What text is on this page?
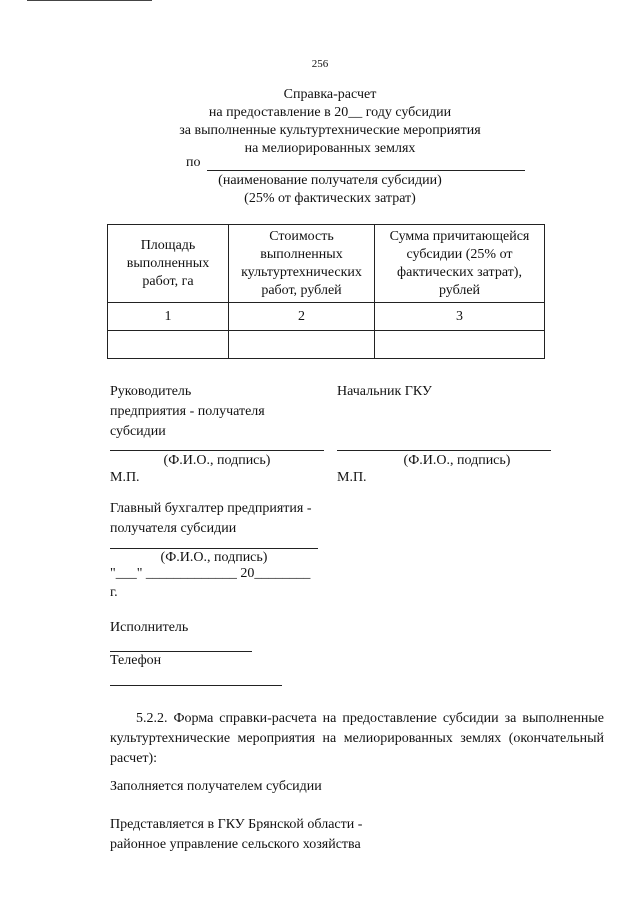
256
Справка-расчет
на предоставление в 20__ году субсидии
за выполненные культуртехнические мероприятия
на мелиорированных землях
по
(наименование получателя субсидии)
(25% от фактических затрат)
Площадь выполненных работ, га	Стоимость выполненных культуртехнических работ, рублей	Сумма причитающейся субсидии (25% от фактических затрат), рублей
1	2	3

Руководитель
предприятия - получателя
субсидии
Начальник ГКУ
(Ф.И.О., подпись)	(Ф.И.О., подпись)
М.П.	М.П.
Главный бухгалтер предприятия -
получателя субсидии
(Ф.И.О., подпись)
"___" _____________ 20________
г.
Исполнитель
Телефон
5.2.2. Форма справки-расчета на предоставление субсидии за выполненные культуртехнические мероприятия на мелиорированных землях (окончательный расчет):
Заполняется получателем субсидии
Представляется в ГКУ Брянской области -
районное управление сельского хозяйства
